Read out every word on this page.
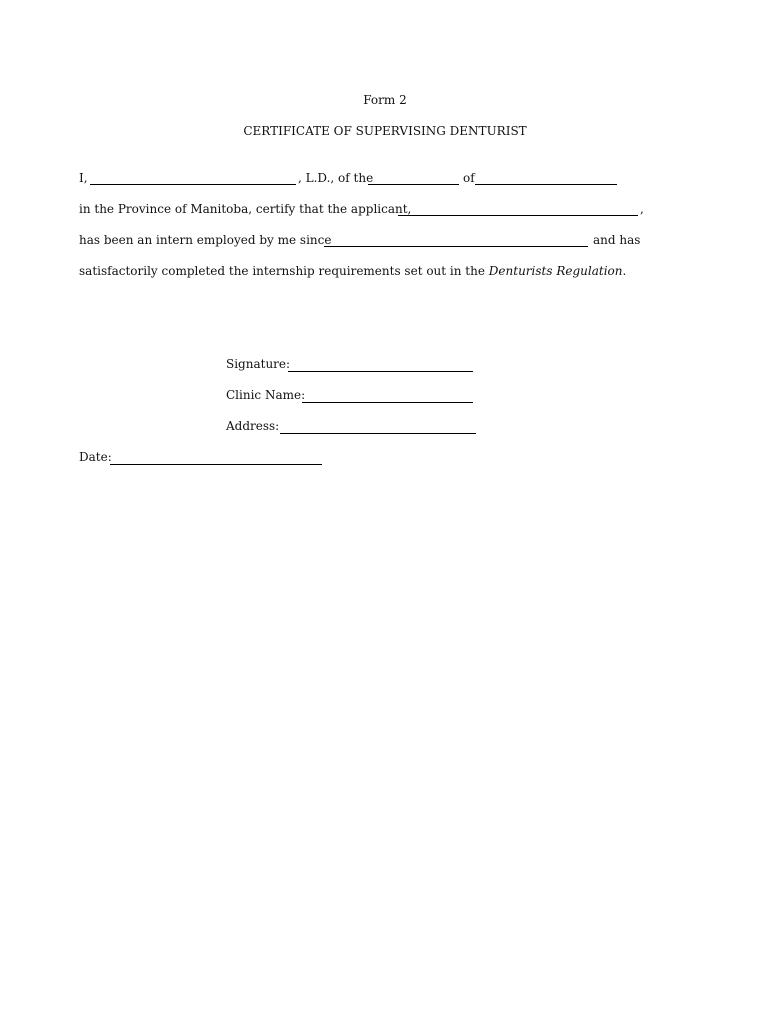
Form 2
CERTIFICATE OF SUPERVISING DENTURIST
I,	, L.D., of the	of
in the Province of Manitoba, certify that the applicant,	,
has been an intern employed by me since	and has
satisfactorily completed the internship requirements set out in the Denturists Regulation.
Signature:
Clinic Name:
Address:
Date:
